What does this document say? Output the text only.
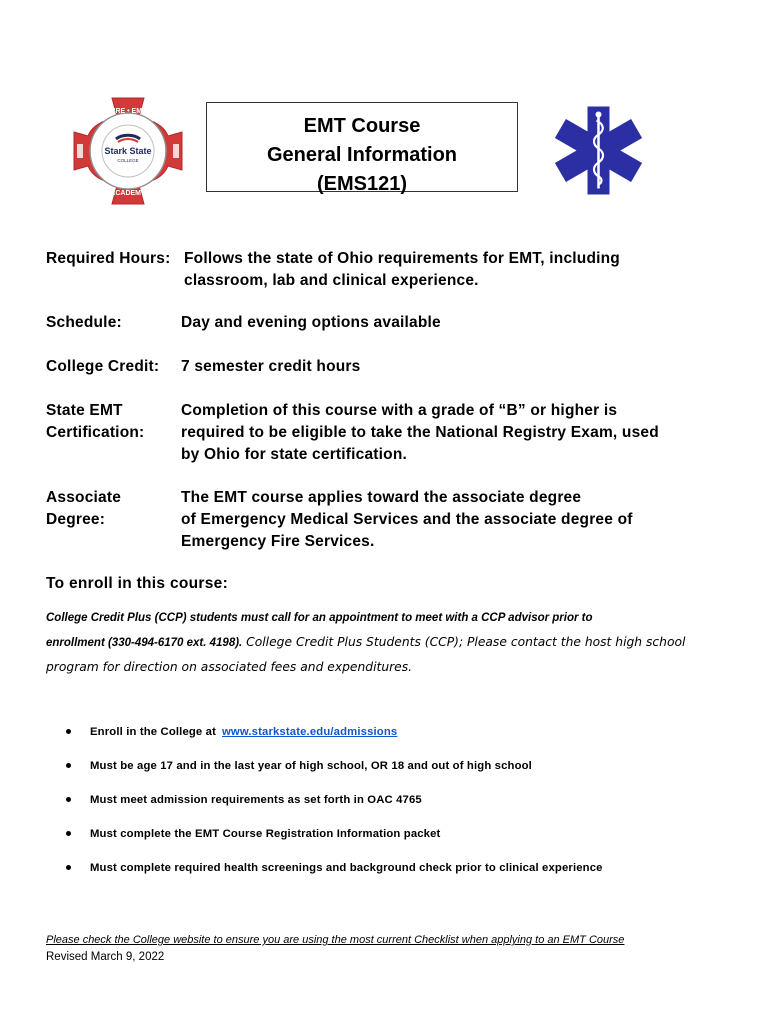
FIRE • EMS
Stark State
COLLEGE
ACADEMY
EMT Course
General Information
(EMS121)
Required Hours: Follows the state of Ohio requirements for EMT, including
classroom, lab and clinical experience.
Schedule:	Day and evening options available
College Credit: 7 semester credit hours
State EMT
Certification:
Completion of this course with a grade of “B” or higher is
required to be eligible to take the National Registry Exam, used
by Ohio for state certification.
Associate
Degree:
The EMT course applies toward the associate degree
of Emergency Medical Services and the associate degree of
Emergency Fire Services.
To enroll in this course:
College Credit Plus (CCP) students must call for an appointment to meet with a CCP advisor prior to
enrollment (330-494-6170 ext. 4198). College Credit Plus Students (CCP); Please contact the host high school
program for direction on associated fees and expenditures.
Enroll in the College at www.starkstate.edu/admissions
Must be age 17 and in the last year of high school, OR 18 and out of high school
Must meet admission requirements as set forth in OAC 4765
Must complete the EMT Course Registration Information packet
Must complete required health screenings and background check prior to clinical experience
Please check the College website to ensure you are using the most current Checklist when applying to an EMT Course
Revised March 9, 2022
